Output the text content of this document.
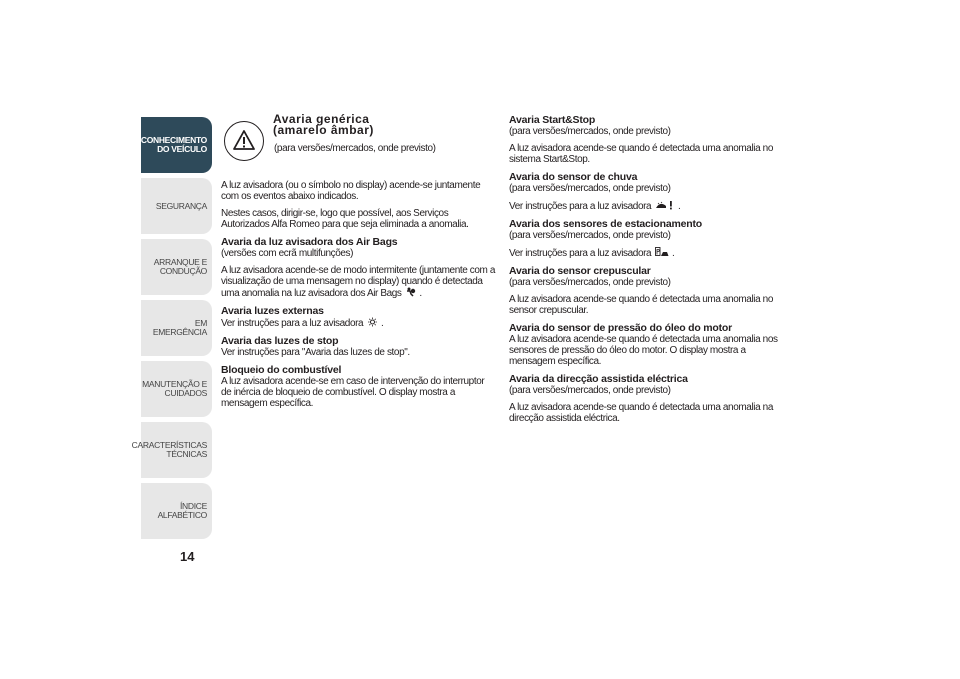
CONHECIMENTO DO VEÍCULO
SEGURANÇA
ARRANQUE E CONDUÇÃO
EM EMERGÊNCIA
MANUTENÇÃO E CUIDADOS
CARACTERÍSTICAS TÉCNICAS
ÍNDICE ALFABÉTICO
14
Avaria genérica
(amarelo âmbar)
(para versões/mercados, onde previsto)

A luz avisadora (ou o símbolo no display) acende-se juntamente com os eventos abaixo indicados.

Nestes casos, dirigir-se, logo que possível, aos Serviços Autorizados Alfa Romeo para que seja eliminada a anomalia.

Avaria da luz avisadora dos Air Bags

(versões com ecrã multifunções)

A luz avisadora acende-se de modo intermitente (juntamente com a visualização de uma mensagem no display) quando é detectada uma anomalia na luz avisadora dos Air Bags  .

Avaria luzes externas

Ver instruções para a luz avisadora  .

Avaria das luzes de stop

Ver instruções para "Avaria das luzes de stop".

Bloqueio do combustível

A luz avisadora acende-se em caso de intervenção do interruptor de inércia de bloqueio de combustível. O display mostra a mensagem específica.

Avaria Start&Stop

(para versões/mercados, onde previsto)

A luz avisadora acende-se quando é detectada uma anomalia no sistema Start&Stop.

Avaria do sensor de chuva

(para versões/mercados, onde previsto)

Ver instruções para a luz avisadora  .

Avaria dos sensores de estacionamento

(para versões/mercados, onde previsto)

Ver instruções para a luz avisadora  .

Avaria do sensor crepuscular

(para versões/mercados, onde previsto)

A luz avisadora acende-se quando é detectada uma anomalia no sensor crepuscular.

Avaria do sensor de pressão do óleo do motor

A luz avisadora acende-se quando é detectada uma anomalia nos sensores de pressão do óleo do motor. O display mostra a mensagem específica.

Avaria da direcção assistida eléctrica

(para versões/mercados, onde previsto)

A luz avisadora acende-se quando é detectada uma anomalia na direcção assistida eléctrica.
